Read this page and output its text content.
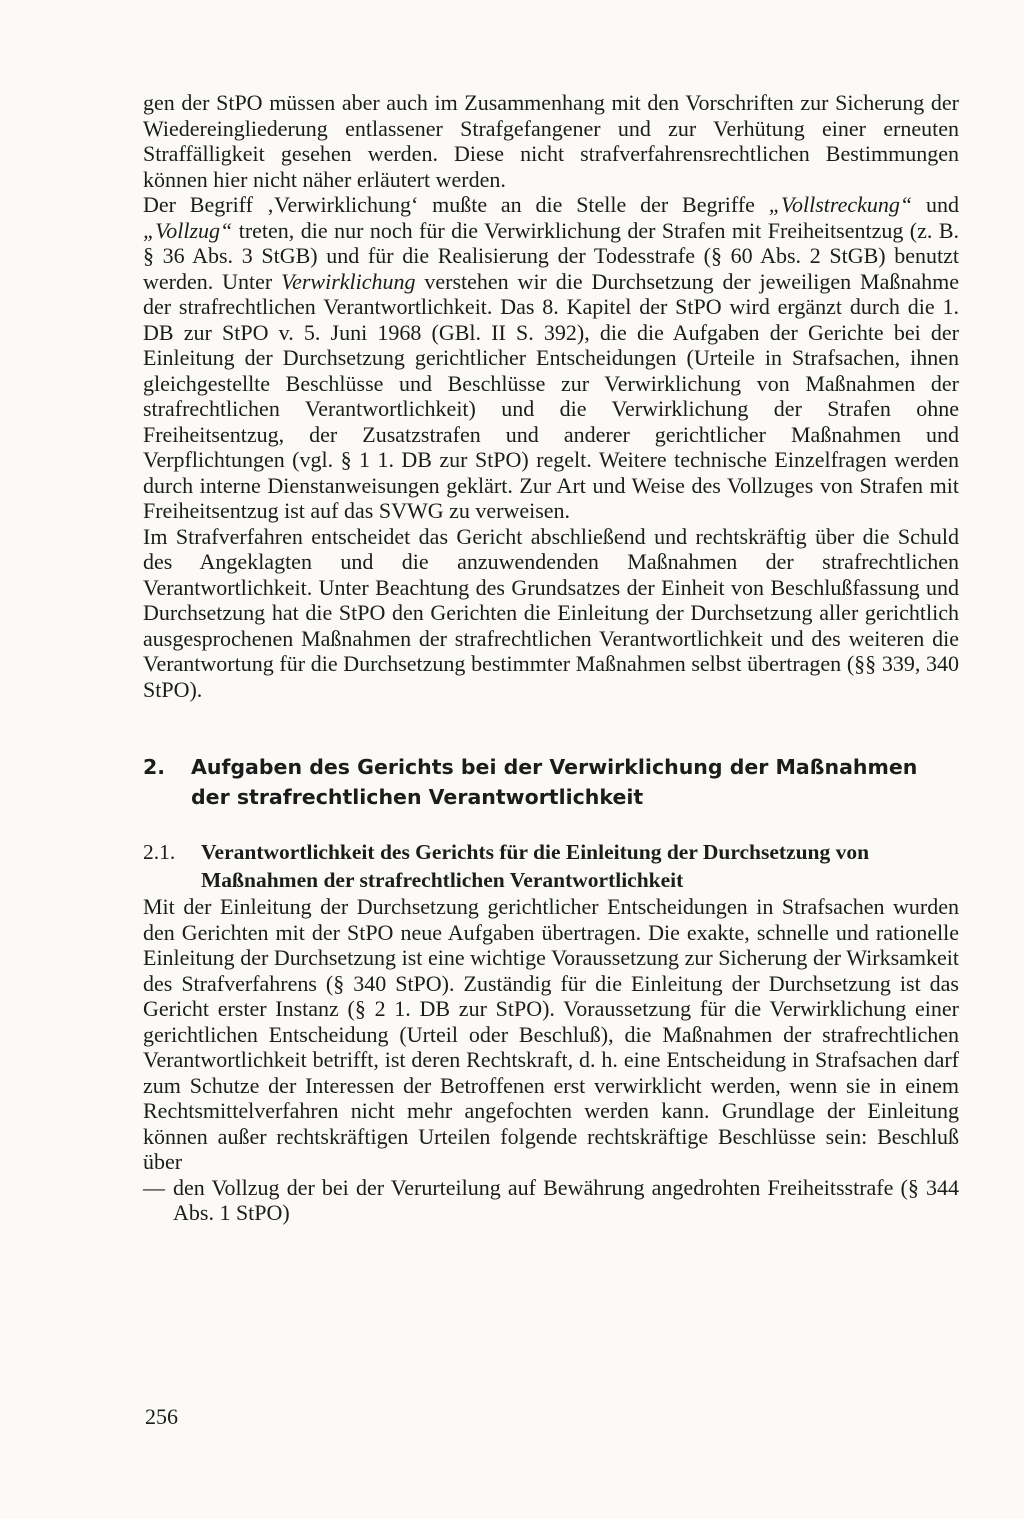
gen der StPO müssen aber auch im Zusammenhang mit den Vorschriften zur Sicherung der Wiedereingliederung entlassener Strafgefangener und zur Verhütung einer erneuten Straffälligkeit gesehen werden. Diese nicht strafverfahrensrechtlichen Bestimmungen können hier nicht näher erläutert werden.

Der Begriff ‚Verwirklichung‘ mußte an die Stelle der Begriffe „Vollstreckung“ und „Vollzug“ treten, die nur noch für die Verwirklichung der Strafen mit Freiheitsentzug (z. B. § 36 Abs. 3 StGB) und für die Realisierung der Todesstrafe (§ 60 Abs. 2 StGB) benutzt werden. Unter Verwirklichung verstehen wir die Durchsetzung der jeweiligen Maßnahme der strafrechtlichen Verantwortlichkeit. Das 8. Kapitel der StPO wird ergänzt durch die 1. DB zur StPO v. 5. Juni 1968 (GBl. II S. 392), die die Aufgaben der Gerichte bei der Einleitung der Durchsetzung gerichtlicher Entscheidungen (Urteile in Strafsachen, ihnen gleichgestellte Beschlüsse und Beschlüsse zur Verwirklichung von Maßnahmen der strafrechtlichen Verantwortlichkeit) und die Verwirklichung der Strafen ohne Freiheitsentzug, der Zusatzstrafen und anderer gerichtlicher Maßnahmen und Verpflichtungen (vgl. § 1 1. DB zur StPO) regelt. Weitere technische Einzelfragen werden durch interne Dienstanweisungen geklärt. Zur Art und Weise des Vollzuges von Strafen mit Freiheitsentzug ist auf das SVWG zu verweisen.

Im Strafverfahren entscheidet das Gericht abschließend und rechtskräftig über die Schuld des Angeklagten und die anzuwendenden Maßnahmen der strafrechtlichen Verantwortlichkeit. Unter Beachtung des Grundsatzes der Einheit von Beschlußfassung und Durchsetzung hat die StPO den Gerichten die Einleitung der Durchsetzung aller gerichtlich ausgesprochenen Maßnahmen der strafrechtlichen Verantwortlichkeit und des weiteren die Verantwortung für die Durchsetzung bestimmter Maßnahmen selbst übertragen (§§ 339, 340 StPO).

2.	Aufgaben des Gerichts bei der Verwirklichung der Maßnahmen der strafrechtlichen Verantwortlichkeit
2.1.	Verantwortlichkeit des Gerichts für die Einleitung der Durchsetzung von Maßnahmen der strafrechtlichen Verantwortlichkeit

Mit der Einleitung der Durchsetzung gerichtlicher Entscheidungen in Strafsachen wurden den Gerichten mit der StPO neue Aufgaben übertragen. Die exakte, schnelle und rationelle Einleitung der Durchsetzung ist eine wichtige Voraussetzung zur Sicherung der Wirksamkeit des Strafverfahrens (§ 340 StPO). Zuständig für die Einleitung der Durchsetzung ist das Gericht erster Instanz (§ 2 1. DB zur StPO). Voraussetzung für die Verwirklichung einer gerichtlichen Entscheidung (Urteil oder Beschluß), die Maßnahmen der strafrechtlichen Verantwortlichkeit betrifft, ist deren Rechtskraft, d. h. eine Entscheidung in Strafsachen darf zum Schutze der Interessen der Betroffenen erst verwirklicht werden, wenn sie in einem Rechtsmittelverfahren nicht mehr angefochten werden kann. Grundlage der Einleitung können außer rechtskräftigen Urteilen folgende rechtskräftige Beschlüsse sein: Beschluß über

— den Vollzug der bei der Verurteilung auf Bewährung angedrohten Freiheitsstrafe (§ 344 Abs. 1 StPO)
256
